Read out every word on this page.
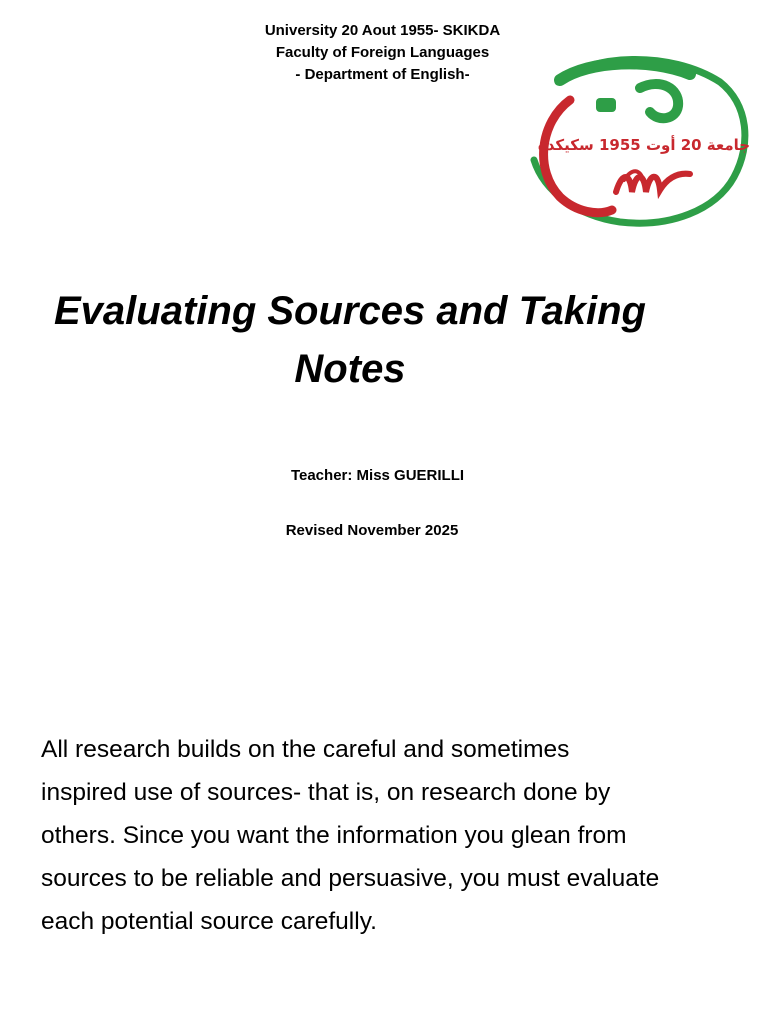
University 20 Aout 1955- SKIKDA
Faculty of Foreign Languages
- Department of English-
جامعة 20 أوت 1955 سكيكدة
Evaluating Sources and Taking
Notes
Teacher: Miss GUERILLI
Revised November 2025
All research builds on the careful and sometimes
inspired use of sources- that is, on research done by
others. Since you want the information you glean from
sources to be reliable and persuasive, you must evaluate
each potential source carefully.
